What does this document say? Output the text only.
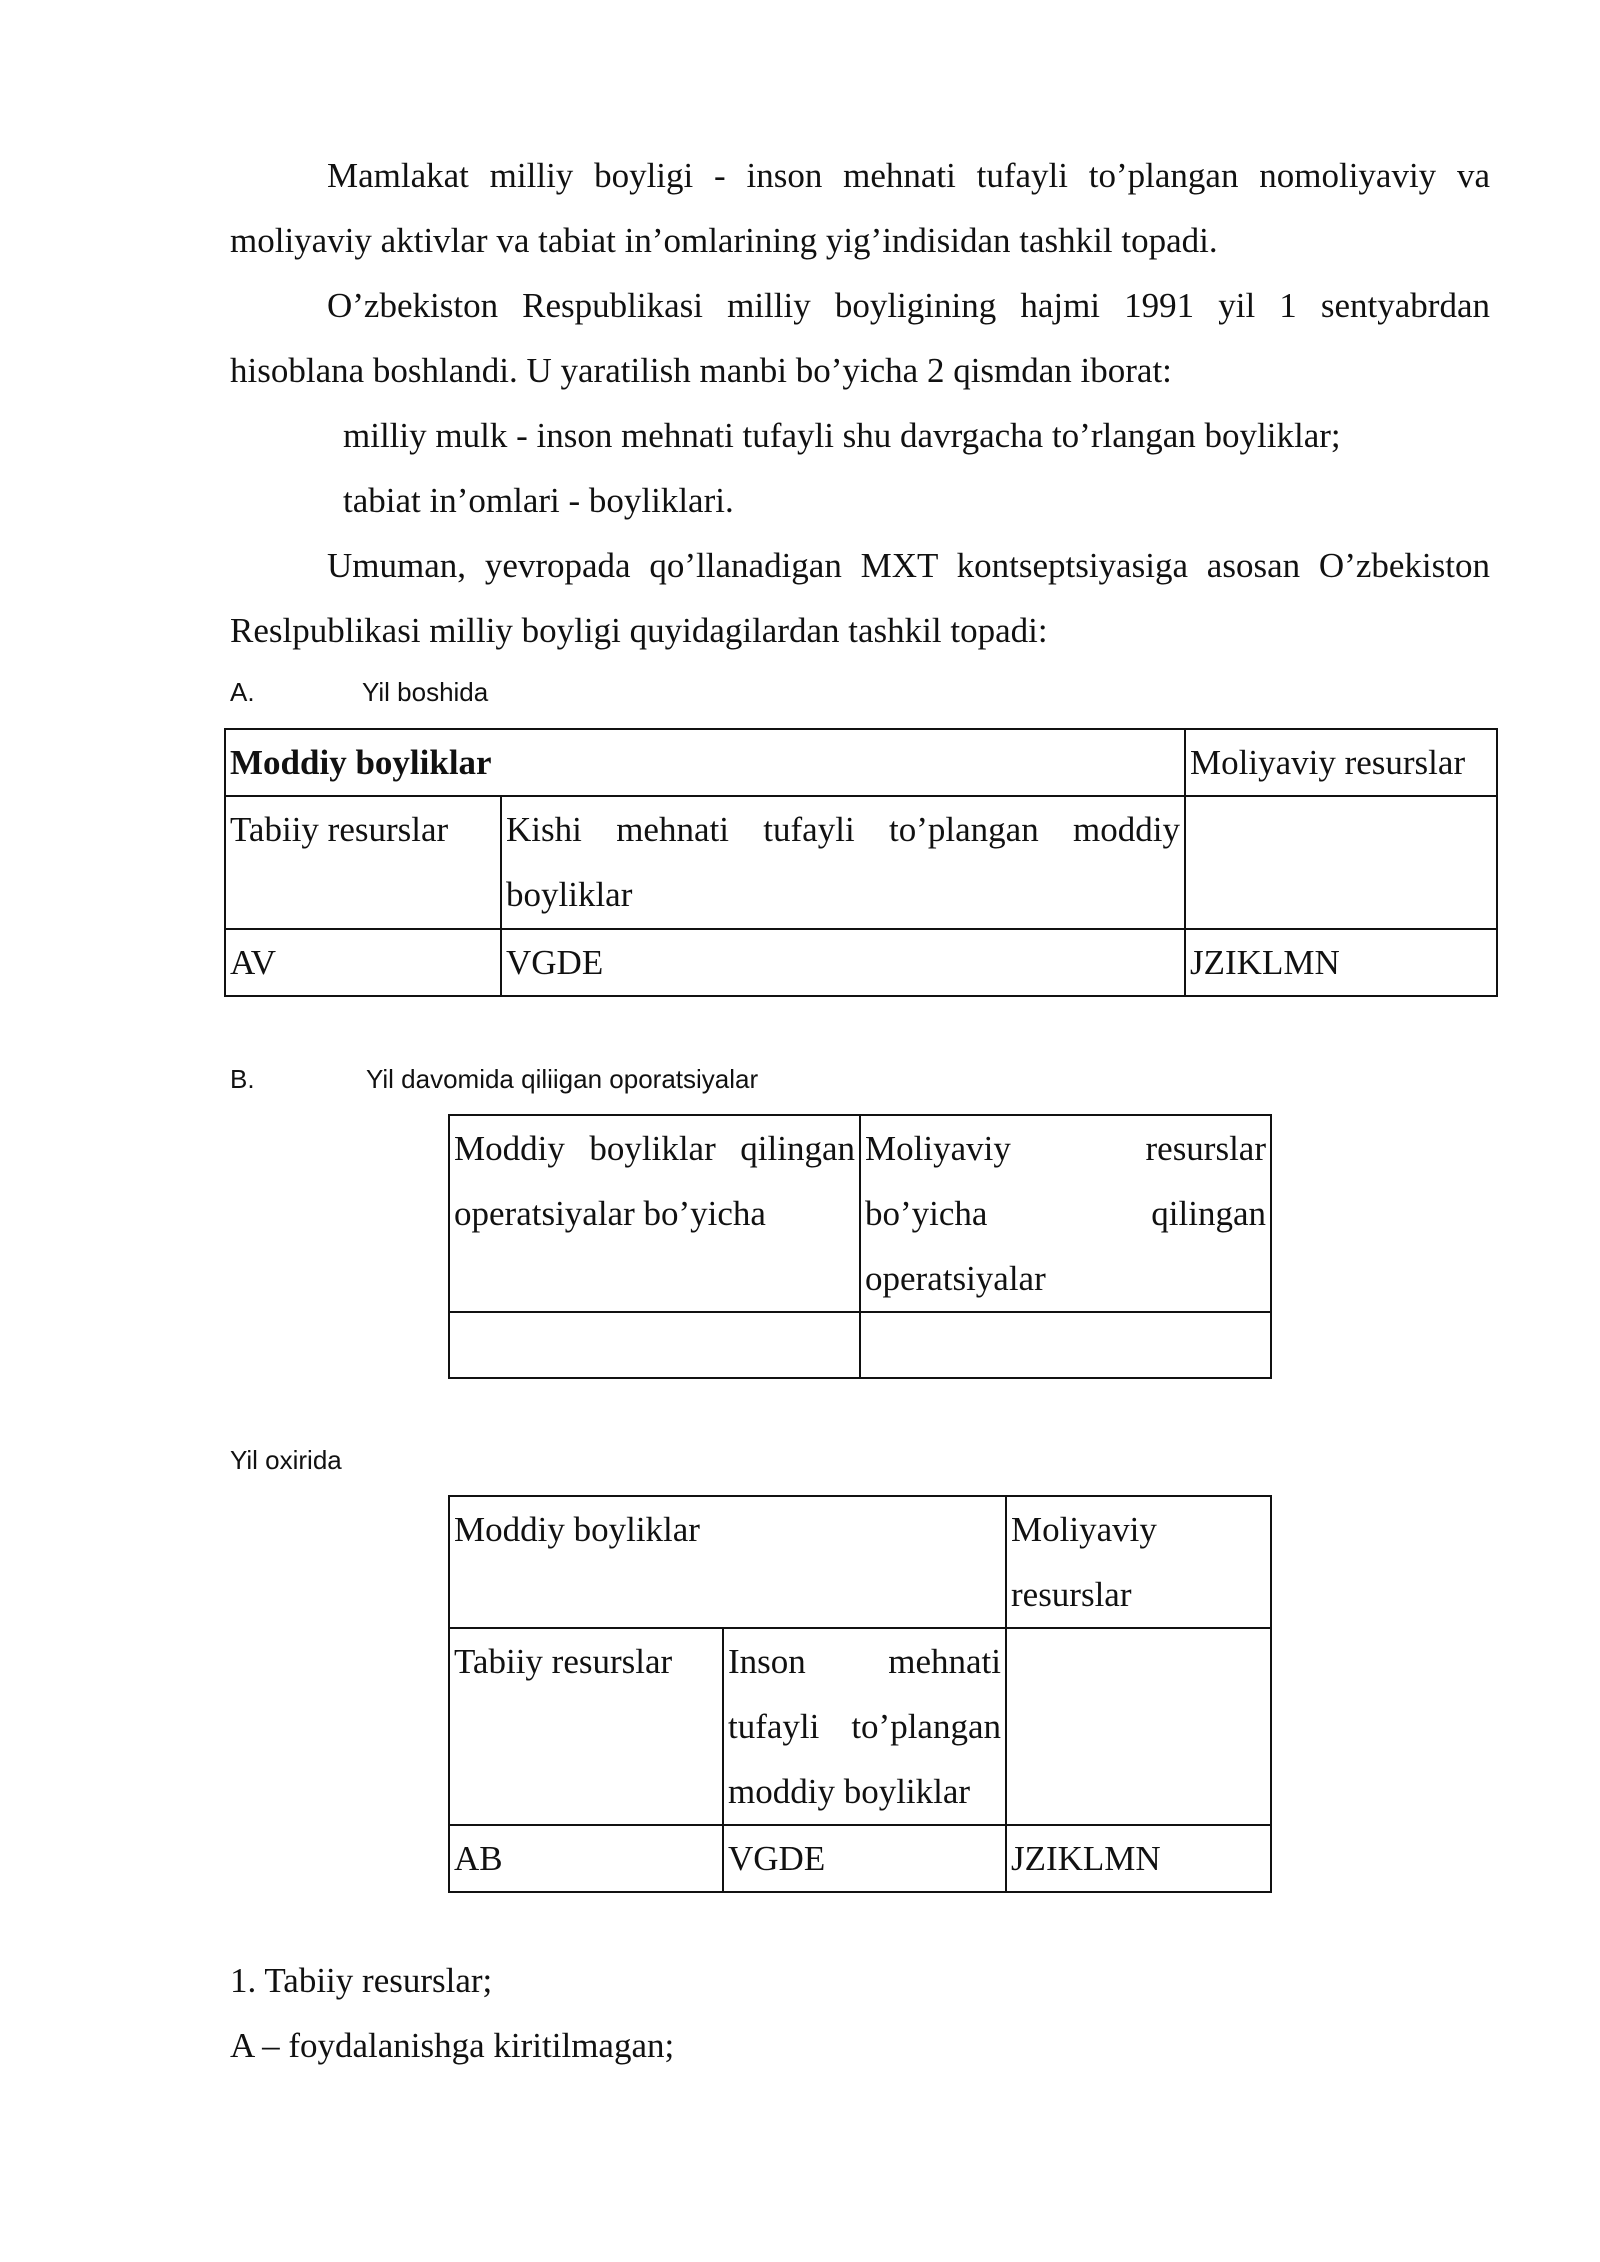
Mamlakat milliy boyligi - inson mehnati tufayli to’plangan nomoliyaviy va moliyaviy aktivlar va tabiat in’omlarining yig’indisidan tashkil topadi.
O’zbekiston Respublikasi milliy boyligining hajmi 1991 yil 1 sentyabrdan hisoblana boshlandi. U yaratilish manbi bo’yicha 2 qismdan iborat:
milliy mulk - inson mehnati tufayli shu davrgacha to’rlangan boyliklar;
tabiat in’omlari - boyliklari.
Umuman, yevropada qo’llanadigan MXT kontseptsiyasiga asosan O’zbekiston Reslpublikasi milliy boyligi quyidagilardan tashkil topadi:
A.	Yil boshida
Moddiy boyliklar		Moliyaviy resurslar
Tabiiy resurslar	Kishi mehnati tufayli to’plangan moddiy boyliklar	
AV	VGDE	JZIKLMN
B.	Yil davomida qiliigan oporatsiyalar
Moddiy boyliklar qilingan operatsiyalar bo’yicha	Moliyaviy resurslar bo’yicha qilingan operatsiyalar

Yil oxirida
Moddiy boyliklar		Moliyaviy resurslar
Tabiiy resurslar	Inson mehnati tufayli to’plangan moddiy boyliklar	
AB	VGDE	JZIKLMN
1. Tabiiy resurslar;
A – foydalanishga kiritilmagan;
